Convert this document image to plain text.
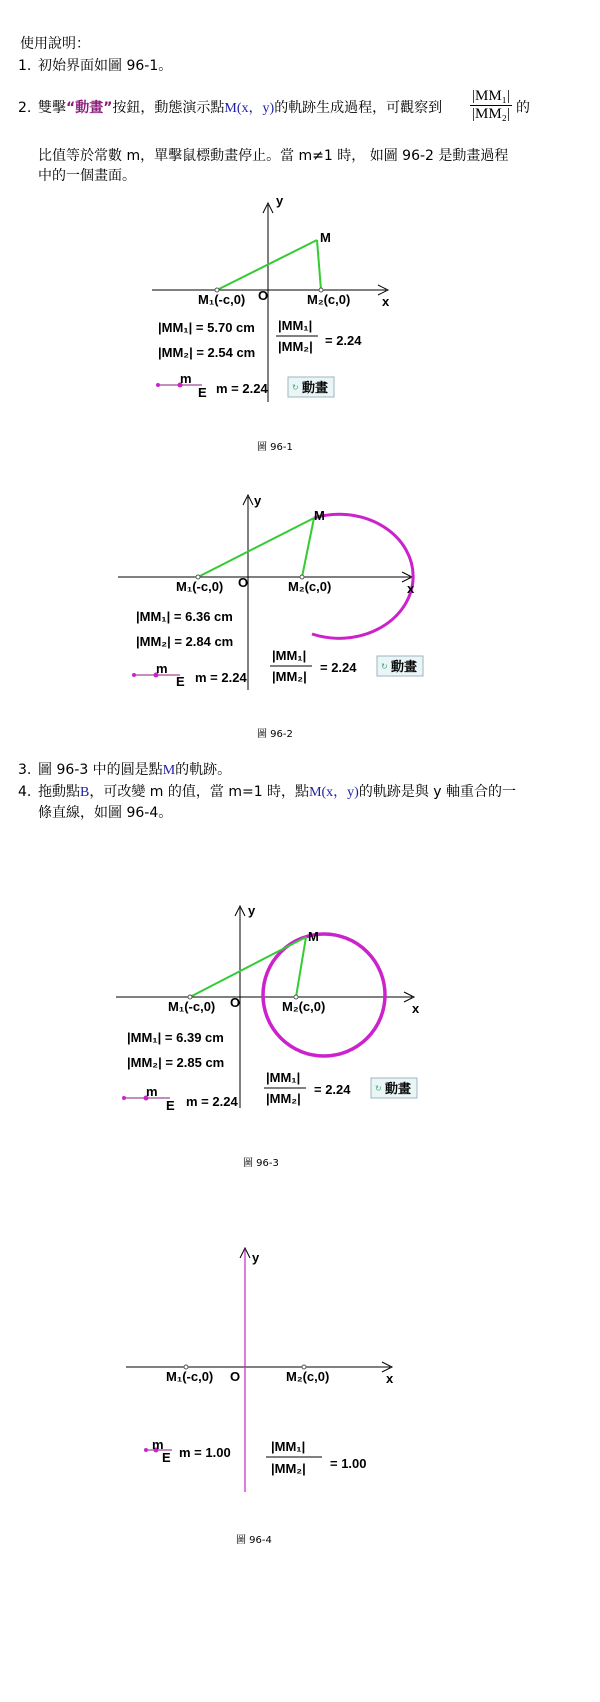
使用說明：
1. 初始界面如圖 96-1。
2. 雙擊“動畫”按鈕，動態演示點M(x，y)的軌跡生成過程，可觀察到 $\frac{\text{|MM₁|}}{\text{|MM₂|}}$ 的
比值等於常數 m，單擊鼠標動畫停止。當 m≠1 時， 如圖 96-2 是動畫過程
中的一個畫面。
y
x
O
M₁(-c,0)	M₂(c,0)
M
|MM₁| = 5.70 cm
|MM₂| = 2.54 cm
|MM₁|
|MM₂| = 2.24
m
E m = 2.24	↻ 動畫
y
x
O
M₁(-c,0)	M₂(c,0)
M
|MM₁| = 6.36 cm
|MM₂| = 2.84 cm
|MM₁|
|MM₂|
= 2.24
m
E m = 2.24
↻ 動畫
y
x
O
M₁(-c,0)	M₂(c,0)
M
|MM₁| = 6.39 cm
|MM₂| = 2.85 cm
|MM₁|
|MM₂|
= 2.24
m
E m = 2.24
↻ 動畫
y
x
O
M₁(-c,0)	M₂(c,0)
m
E m = 1.00	|MM₁|
|MM₂| = 1.00
圖 96-1
圖 96-2
圖 96-3
圖 96-4
3. 圖 96-3 中的圓是點M的軌跡。
4. 拖動點B，可改變 m 的值，當 m=1 時，點M(x，y)的軌跡是與 y 軸重合的一
條直線，如圖 96-4。
